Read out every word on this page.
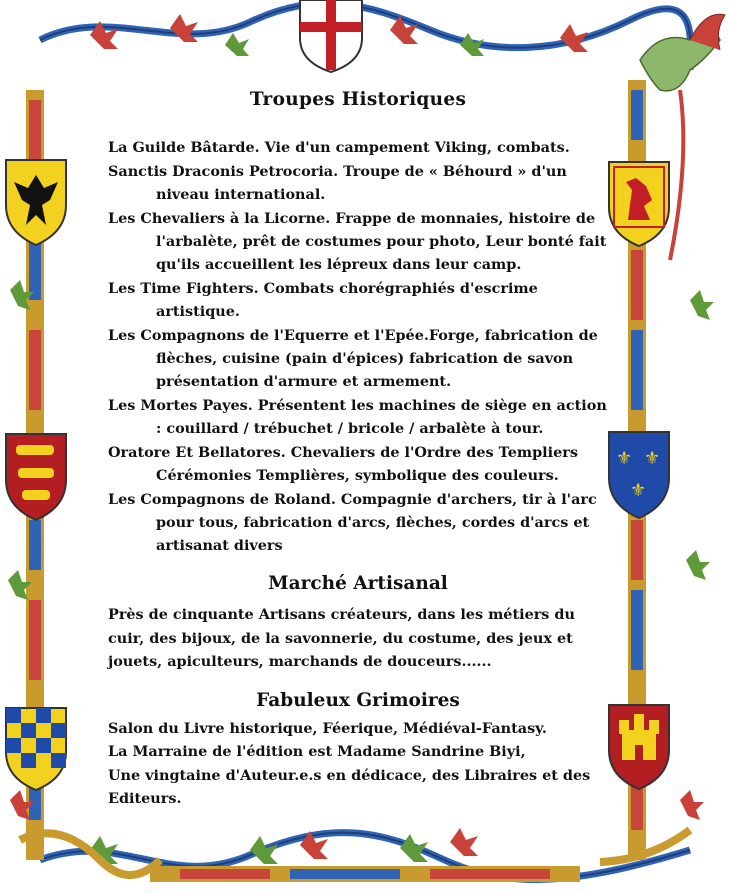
⚜ ⚜
⚜
Troupes Historiques

La Guilde Bâtarde. Vie d'un campement Viking, combats.

Sanctis Draconis Petrocoria. Troupe de « Béhourd » d'un niveau international.

Les Chevaliers à la Licorne. Frappe de monnaies, histoire de l'arbalète, prêt de costumes pour photo, Leur bonté fait qu'ils accueillent les lépreux dans leur camp.

Les Time Fighters. Combats chorégraphiés d'escrime artistique.

Les Compagnons de l'Equerre et l'Epée.Forge, fabrication de flèches, cuisine (pain d'épices) fabrication de savon présentation d'armure et armement.

Les Mortes Payes. Présentent les machines de siège en action : couillard / trébuchet / bricole / arbalète à tour.

Oratore Et Bellatores. Chevaliers de l'Ordre des Templiers Cérémonies Templières, symbolique des couleurs.

Les Compagnons de Roland. Compagnie d'archers, tir à l'arc pour tous, fabrication d'arcs, flèches, cordes d'arcs et artisanat divers

Marché Artisanal

Près de cinquante Artisans créateurs, dans les métiers du cuir, des bijoux, de la savonnerie, du costume, des jeux et jouets, apiculteurs, marchands de douceurs......

Fabuleux Grimoires

Salon du Livre historique, Féerique, Médiéval-Fantasy.

La Marraine de l'édition est Madame Sandrine Biyi,

Une vingtaine d'Auteur.e.s en dédicace, des Libraires et des Editeurs.
